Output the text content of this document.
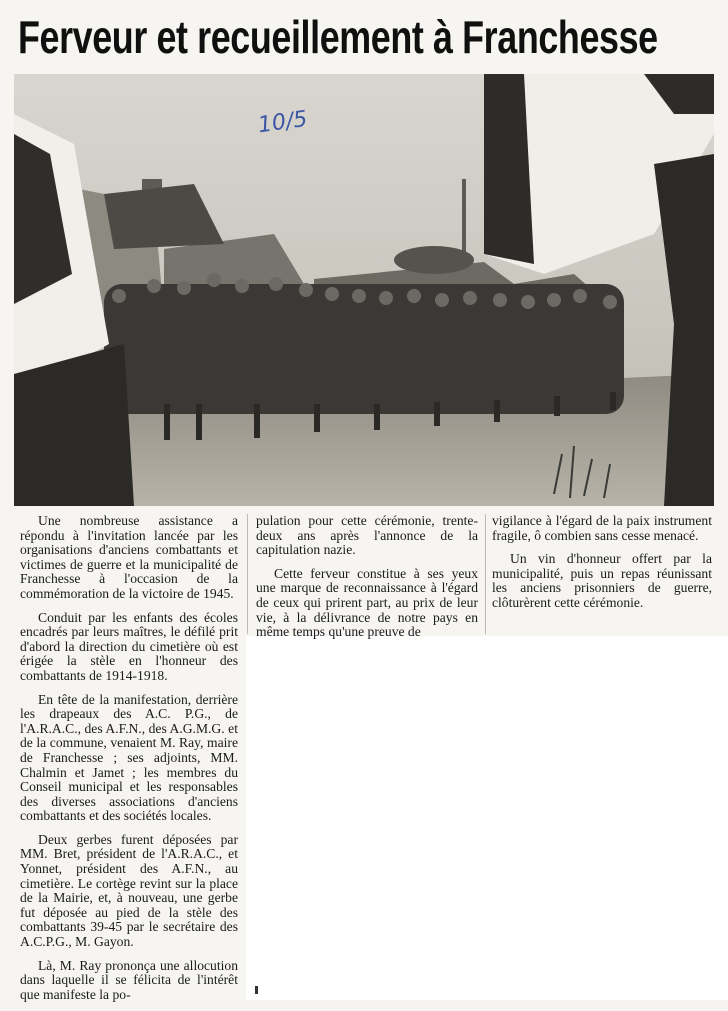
Ferveur et recueillement à Franchesse
10/5

Une nombreuse assistance a répondu à l'invitation lancée par les organisations d'anciens combattants et victimes de guerre et la municipalité de Franchesse à l'occasion de la commémoration de la victoire de 1945.

Conduit par les enfants des écoles encadrés par leurs maîtres, le défilé prit d'abord la direction du cimetière où est érigée la stèle en l'honneur des combattants de 1914-1918.

En tête de la manifestation, derrière les drapeaux des A.C. P.G., de l'A.R.A.C., des A.F.N., des A.G.M.G. et de la commune, venaient M. Ray, maire de Franchesse ; ses adjoints, MM. Chalmin et Jamet ; les membres du Conseil municipal et les responsables des diverses associations d'anciens combattants et des sociétés locales.

Deux gerbes furent déposées par MM. Bret, président de l'A.R.A.C., et Yonnet, président des A.F.N., au cimetière. Le cortège revint sur la place de la Mairie, et, à nouveau, une gerbe fut déposée au pied de la stèle des combattants 39-45 par le secrétaire des A.C.P.G., M. Gayon.

Là, M. Ray prononça une allocution dans laquelle il se félicita de l'intérêt que manifeste la po-

pulation pour cette cérémonie, trente-deux ans après l'annonce de la capitulation nazie.

Cette ferveur constitue à ses yeux une marque de reconnaissance à l'égard de ceux qui prirent part, au prix de leur vie, à la délivrance de notre pays en même temps qu'une preuve de

vigilance à l'égard de la paix instrument fragile, ô combien sans cesse menacé.

Un vin d'honneur offert par la municipalité, puis un repas réunissant les anciens prisonniers de guerre, clôturèrent cette cérémonie.
